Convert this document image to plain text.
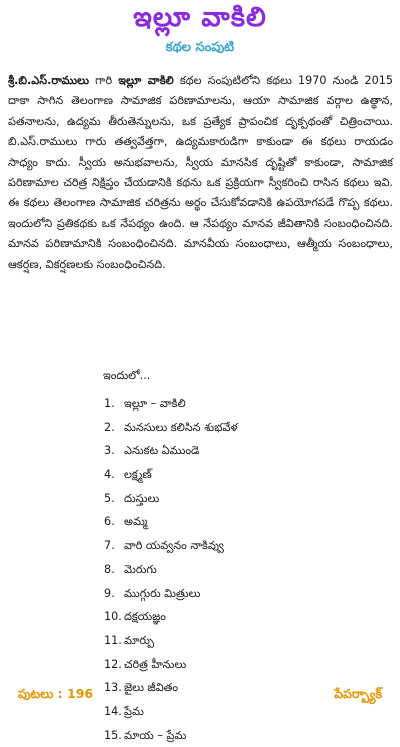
ఇల్లూ వాకిలి
కథల సంపుటి

శ్రీ.బి.ఎస్.రాములు గారి ఇల్లూ వాకిలి కథల సంపుటిలోని కథలు 1970 నుండి 2015 దాకా సాగిన తెలంగాణ సామాజిక పరిణామాలను, ఆయా సామాజిక వర్గాల ఉత్థాన, పతనాలను, ఉద్యమ తీరుతెన్నులను, ఒక ప్రత్యేక ప్రాపంచిక దృక్పథంతో చిత్రించాయి. బి.ఎస్.రాములు గారు తత్వవేత్తగా, ఉద్యమకారుడిగా కాకుండా ఈ కథలు రాయడం సాధ్యం కాదు. స్వీయ అనుభవాలను, స్వీయ మానసిక దృష్టితో కాకుండా, సామాజిక పరిణామాల చరిత్ర నిక్షిప్తం చేయడానికి కథను ఒక ప్రక్రియగా స్వీకరించి రాసిన కథలు ఇవి. ఈ కథలు తెలంగాణ సామాజిక చరిత్రను అర్థం చేసుకోవడానికి ఉపయోగపడే గొప్ప కథలు. ఇందులోని ప్రతికథకు ఒక నేపథ్యం ఉంది. ఆ నేపథ్యం మానవ జీవితానికి సంబంధించినది. మానవ పరిణామానికి సంబంధించినది. మానవీయ సంబంధాలు, ఆత్మీయ సంబంధాలు, ఆకర్షణ, వికర్షణలకు సంబంధించినది.

ఇందులో...
1. ఇల్లూ – వాకిలి
2. మనసులు కలిసిన శుభవేళ
3. ఎనుకట ఏముండె
4. లక్ష్మణ్
5. దుస్తులు
6. అమ్మ
7. వారి యవ్వనం నాకివ్వు
8. మెరుగు
9. ముగ్గురు మిత్రులు
10. దక్షయజ్ఞం
11. మార్పు
12. చరిత్ర హీనులు
13. జైలు జీవితం
14. ప్రేమ
15. మాయ – ప్రేమ
పుటలు : 196	పేపర్బ్యాక్
